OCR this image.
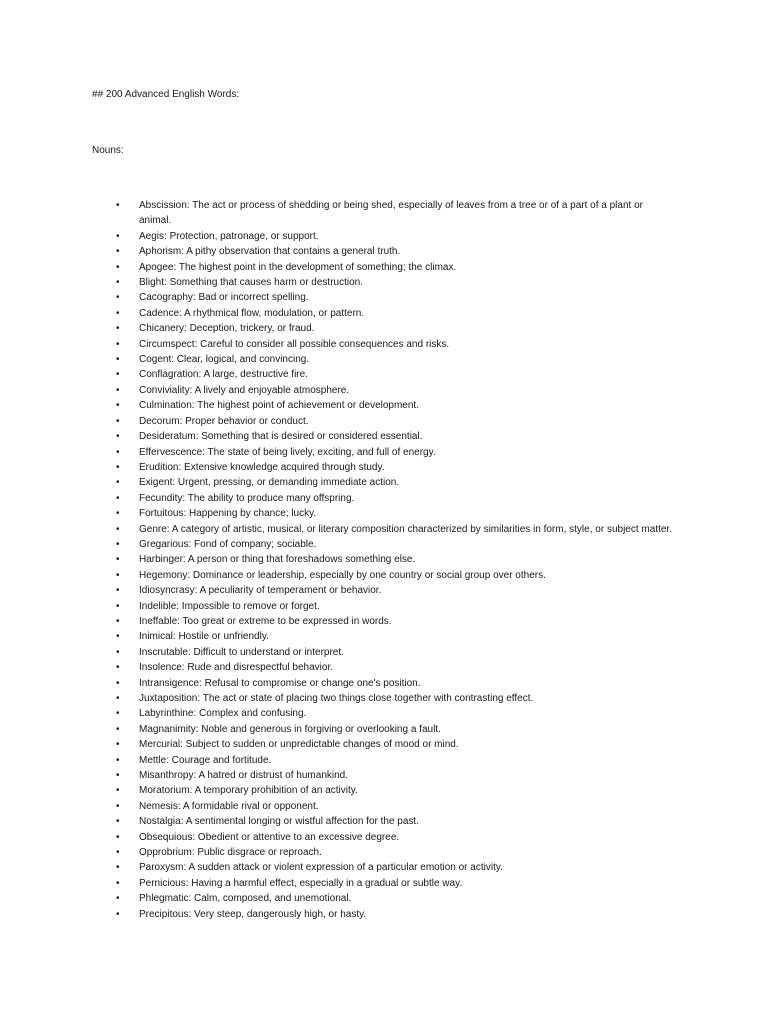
## 200 Advanced English Words:
Nouns:
• Abscission: The act or process of shedding or being shed, especially of leaves from a tree or of a part of a plant or animal.
• Aegis: Protection, patronage, or support.
• Aphorism: A pithy observation that contains a general truth.
• Apogee: The highest point in the development of something; the climax.
• Blight: Something that causes harm or destruction.
• Cacography: Bad or incorrect spelling.
• Cadence: A rhythmical flow, modulation, or pattern.
• Chicanery: Deception, trickery, or fraud.
• Circumspect: Careful to consider all possible consequences and risks.
• Cogent: Clear, logical, and convincing.
• Conflagration: A large, destructive fire.
• Conviviality: A lively and enjoyable atmosphere.
• Culmination: The highest point of achievement or development.
• Decorum: Proper behavior or conduct.
• Desideratum: Something that is desired or considered essential.
• Effervescence: The state of being lively, exciting, and full of energy.
• Erudition: Extensive knowledge acquired through study.
• Exigent: Urgent, pressing, or demanding immediate action.
• Fecundity: The ability to produce many offspring.
• Fortuitous: Happening by chance; lucky.
• Genre: A category of artistic, musical, or literary composition characterized by similarities in form, style, or subject matter.
• Gregarious: Fond of company; sociable.
• Harbinger: A person or thing that foreshadows something else.
• Hegemony: Dominance or leadership, especially by one country or social group over others.
• Idiosyncrasy: A peculiarity of temperament or behavior.
• Indelible: Impossible to remove or forget.
• Ineffable: Too great or extreme to be expressed in words.
• Inimical: Hostile or unfriendly.
• Inscrutable: Difficult to understand or interpret.
• Insolence: Rude and disrespectful behavior.
• Intransigence: Refusal to compromise or change one's position.
• Juxtaposition: The act or state of placing two things close together with contrasting effect.
• Labyrinthine: Complex and confusing.
• Magnanimity: Noble and generous in forgiving or overlooking a fault.
• Mercurial: Subject to sudden or unpredictable changes of mood or mind.
• Mettle: Courage and fortitude.
• Misanthropy: A hatred or distrust of humankind.
• Moratorium: A temporary prohibition of an activity.
• Nemesis: A formidable rival or opponent.
• Nostalgia: A sentimental longing or wistful affection for the past.
• Obsequious: Obedient or attentive to an excessive degree.
• Opprobrium: Public disgrace or reproach.
• Paroxysm: A sudden attack or violent expression of a particular emotion or activity.
• Pernicious: Having a harmful effect, especially in a gradual or subtle way.
• Phlegmatic: Calm, composed, and unemotional.
• Precipitous: Very steep, dangerously high, or hasty.
